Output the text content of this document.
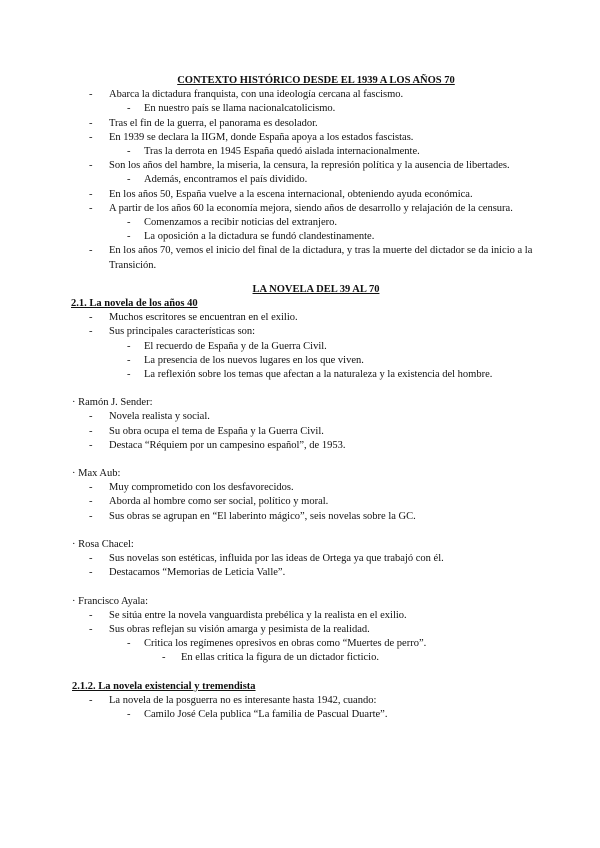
CONTEXTO HISTÓRICO DESDE EL 1939 A LOS AÑOS 70
- Abarca la dictadura franquista, con una ideología cercana al fascismo.
- En nuestro país se llama nacionalcatolicismo.
- Tras el fin de la guerra, el panorama es desolador.
- En 1939 se declara la IIGM, donde España apoya a los estados fascistas.
- Tras la derrota en 1945 España quedó aislada internacionalmente.
- Son los años del hambre, la miseria, la censura, la represión política y la ausencia de libertades.
- Además, encontramos el país dividido.
- En los años 50, España vuelve a la escena internacional, obteniendo ayuda económica.
- A partir de los años 60 la economía mejora, siendo años de desarrollo y relajación de la censura.
- Comenzamos a recibir noticias del extranjero.
- La oposición a la dictadura se fundó clandestinamente.
- En los años 70, vemos el inicio del final de la dictadura, y tras la muerte del dictador se da inicio a la Transición.
LA NOVELA DEL 39 AL 70
2.1. La novela de los años 40
- Muchos escritores se encuentran en el exilio.
- Sus principales características son:
- El recuerdo de España y de la Guerra Civil.
- La presencia de los nuevos lugares en los que viven.
- La reflexión sobre los temas que afectan a la naturaleza y la existencia del hombre.
· Ramón J. Sender:
- Novela realista y social.
- Su obra ocupa el tema de España y la Guerra Civil.
- Destaca “Réquiem por un campesino español”, de 1953.
· Max Aub:
- Muy comprometido con los desfavorecidos.
- Aborda al hombre como ser social, político y moral.
- Sus obras se agrupan en “El laberinto mágico”, seis novelas sobre la GC.
· Rosa Chacel:
- Sus novelas son estéticas, influida por las ideas de Ortega ya que trabajó con él.
- Destacamos “Memorias de Leticia Valle”.
· Francisco Ayala:
- Se sitúa entre la novela vanguardista prebélica y la realista en el exilio.
- Sus obras reflejan su visión amarga y pesimista de la realidad.
- Critica los regímenes opresivos en obras como “Muertes de perro”.
- En ellas critica la figura de un dictador ficticio.
2.1.2. La novela existencial y tremendista
- La novela de la posguerra no es interesante hasta 1942, cuando:
- Camilo José Cela publica “La familia de Pascual Duarte”.
